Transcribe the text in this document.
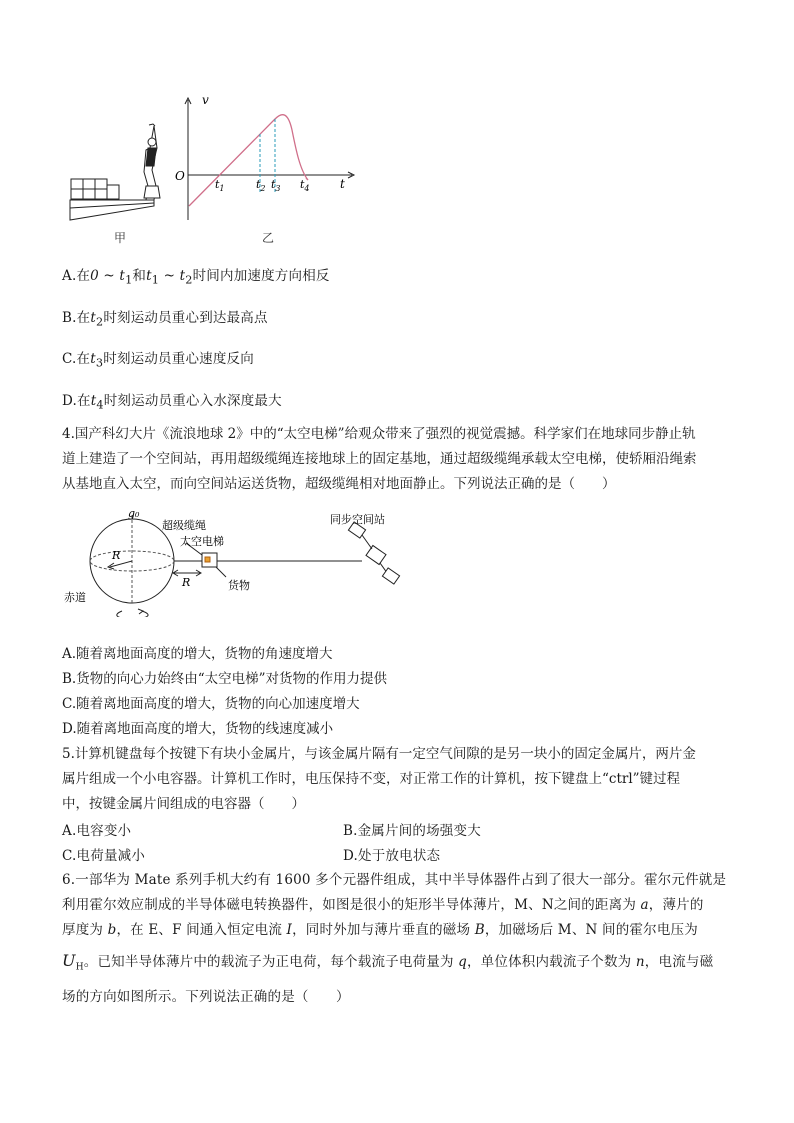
甲
v
t
O
$t_1$	$t_2$ $t_3$ $t_4$
乙
A.在0 ~ $t_1$和$t_1$ ~ $t_2$时间内加速度方向相反
B.在$t_2$时刻运动员重心到达最高点
C.在$t_3$时刻运动员重心速度反向
D.在$t_4$时刻运动员重心入水深度最大
4.国产科幻大片《流浪地球 2》中的“太空电梯”给观众带来了强烈的视觉震撼。科学家们在地球同步静止轨
道上建造了一个空间站，再用超级缆绳连接地球上的固定基地，通过超级缆绳承载太空电梯，使轿厢沿绳索
从基地直入太空，而向空间站运送货物，超级缆绳相对地面静止。下列说法正确的是（　　）
g₀
超级缆绳
太空电梯
同步空间站
R
R	货物
赤道
A.随着离地面高度的增大，货物的角速度增大
B.货物的向心力始终由“太空电梯”对货物的作用力提供
C.随着离地面高度的增大，货物的向心加速度增大
D.随着离地面高度的增大，货物的线速度减小
5.计算机键盘每个按键下有块小金属片，与该金属片隔有一定空气间隙的是另一块小的固定金属片，两片金
属片组成一个小电容器。计算机工作时，电压保持不变，对正常工作的计算机，按下键盘上“ctrl”键过程
中，按键金属片间组成的电容器（　　）
A.电容变小	B.金属片间的场强变大
C.电荷量减小	D.处于放电状态
6.一部华为 Mate 系列手机大约有 1600 多个元器件组成，其中半导体器件占到了很大一部分。霍尔元件就是
利用霍尔效应制成的半导体磁电转换器件，如图是很小的矩形半导体薄片，M、N之间的距离为 a，薄片的
厚度为 b，在 E、F 间通入恒定电流 I，同时外加与薄片垂直的磁场 B，加磁场后 M、N 间的霍尔电压为
$U_H$。已知半导体薄片中的载流子为正电荷，每个载流子电荷量为 q，单位体积内载流子个数为 n，电流与磁
场的方向如图所示。下列说法正确的是（　　）
